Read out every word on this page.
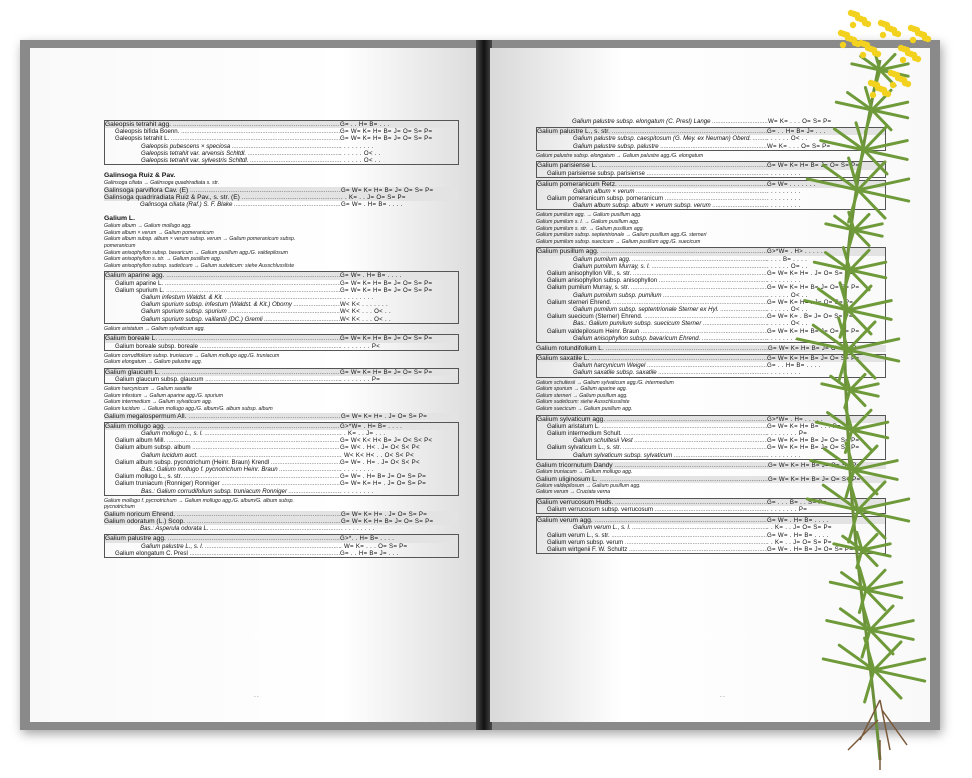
Galeopsis tetrahit agg. .....	G= . . H= B= . . .
Galeopsis bifida Boenn. .....	G= W= K= H= B= J= O= S= P=
Galeopsis tetrahit L. .....	G= W= K= H= B= J= O= S= P=
Galeopsis pubescens × speciosa .....	. . . . . . . . .
Galeopsis tetrahit var. arvensis Schltdl. .....	. . . . . . O< . .
Galeopsis tetrahit var. sylvestris Schltdl. .....	. . . . . . O< . .
Galinsoga Ruiz & Pav.
Galinsoga ciliata → Galinsoga quadriradiata s. str.
Galinsoga parviflora Cav. (E) .....	G= W= K= H= B= J= O= S= P=
Galinsoga quadriradiata Ruiz & Pav., s. str. (E) .....	. . K= . . J= O= S= P=
Galinsoga ciliata (Raf.) S. F. Blake .....	G= W= . H= B= . . . .
Galium L.
Galium album → Galium mollugo agg.
Galium album × verum → Galium pomeranicum
Galium album subsp. album × verum subsp. verum → Galium pomeranicum subsp.
pomeranicum
Galium anisophyllon subsp. bavaricum → Galium pusillum agg./G. valdepilosum
Galium anisophyllon s. str. → Galium pusillum agg.
Galium anisophyllon subsp. sudeticum → Galium sudeticum: siehe Ausschlussliste
Galium aparine agg. .....	G= W= . H= B= . . . .
Galium aparine L. .....	G= W= K= H= B= J= O= S= P=
Galium spurium L. .....	G= W= K= H= B= J= O= S= P=
Galium infestum Waldst. & Kit. .....	. . . . . . . . .
Galium spurium subsp. infestum (Waldst. & Kit.) Oborny .....	W< K< . . . . . . .
Galium spurium subsp. spurium .....	W< K< . . . O< . .
Galium spurium subsp. vaillantii (DC.) Gremli .....	W< K< . . . O< . .
Galium aristatum → Galium sylvaticum agg.
Galium boreale L. .....	G= W= K= H= B= J= O= S= P=
Galium boreale subsp. boreale .....	. . . . . . . . P<
Galium corrudifolium subsp. truniacum → Galium mollugo agg./G. truniacum
Galium elongatum → Galium palustre agg.
Galium glaucum L. .....	G= W= K= H= B= J= O= S= P=
Galium glaucum subsp. glaucum .....	. . . . . . . . P=
Galium harcynicum → Galium saxatile
Galium infestum → Galium aparine agg./G. spurium
Galium intermedium → Galium sylvaticum agg.
Galium lucidum → Galium mollugo agg./G. album/G. album subsp. album
Galium megalospermum All. .....	G= W= K= H= . J= O= S= P=
Galium mollugo agg. .....	G>*W= . H= B= . . . .
Galium mollugo L., s. l. .....	. . K= . . J= . . .
Galium album Mill. .....	G= W< K< H< B= J= O< S< P<
Galium album subsp. album .....	G= W< . H< . J= O< S< P<
Galium lucidum auct. .....	. W< K< H< . . O< S< P<
Galium album subsp. pycnotrichum (Heinr. Braun) Krendl .....	G= W= . H= . J= O< S< P<
Bas.: Galium mollugo f. pycnotrichum Heinr. Braun .....	. . . . . . . . .
Galium mollugo L., s. str. .....	G= W= . H= B= J= O= S= P=
Galium truniacum (Ronniger) Ronniger .....	G= W= K= H= . J= O= S= P=
Bas.: Galium corrudifolium subsp. truniacum Ronniger .....	. . . . . . . . .
Galium mollugo f. pycnotrichum → Galium mollugo agg./G. album/G. album subsp.
pycnotrichum
Galium noricum Ehrend. .....	G= W= K= H= . J= O= S= P=
Galium odoratum (L.) Scop. .....	G= W= K= H= B= J= O= S= P=
Bas.: Asperula odorata L. .....	. . . . . . . . .
Galium palustre agg. .....	G>*. . H= B= . . . .
Galium palustre L., s. l. .....	. W= K= . . . O= S= P=
Galium elongatum C. Presl .....	G= . . H= B= J= . . .
- -
Galium palustre subsp. elongatum (C. Presl) Lange .....	W= K= . . . O= S= P=
Galium palustre L., s. str. .....	G= . . H= B= J= . . .
Galium palustre subsp. caespitosum (G. Mey. ex Neuman) Oberd. .....	. . . . . . O< . .
Galium palustre subsp. palustre .....	W= K= . . . O= S= P=
Galium palustre subsp. elongatum → Galium palustre agg./G. elongatum
Galium parisiense L. .....	G= W= K= H= B= J= O= S= P=
Galium parisiense subsp. parisiense .....	. . . . . . . . .
Galium pomeranicum Retz. .....	G= W= . . . . . . .
Galium album × verum .....	. . . . . . . . .
Galium pomeranicum subsp. pomeranicum .....	. . . . . . . . .
Galium album subsp. album × verum subsp. verum .....	. . . . . . . . .
Galium pumilum agg. → Galium pusillum agg.
Galium pumilum s. l. → Galium pusillum agg.
Galium pumilum s. str. → Galium pusillum agg.
Galium pumilum subsp. septentrionale → Galium pusillum agg./G. sterneri
Galium pumilum subsp. suecicum → Galium pusillum agg./G. suecicum
Galium pusillum agg. .....	G>*W= . H> . . . . .
Galium pumilum agg. .....	. . . . B= . . . .
Galium pumilum Murray, s. l. .....	. . . . . . O= . .
Galium anisophyllon Vill., s. str. .....	G= W= K= H= . J= O= S= P=
Galium anisophyllon subsp. anisophyllon .....	. . . . . . . . .
Galium pumilum Murray, s. str. .....	G= W= K= H= B= J= O= S= P=
Galium pumilum subsp. pumilum .....	. . . . . . O< . .
Galium sterneri Ehrend. .....	G= W= K= H= . J= O= S= P=
Galium pumilum subsp. septentrionale Sterner ex Hyl. .....	. . . . . . O< . .
Galium suecicum (Sterner) Ehrend. .....	G= W= K= . B= J= O= S= P=
Bas.: Galium pumilum subsp. suecicum Sterner .....	. . . . . . O< . .
Galium valdepilosum Heinr. Braun .....	G= W= K= H= B= J= O= S= P=
Galium anisophyllon subsp. bavaricum Ehrend. .....	. . . . . . . . .
Galium rotundifolium L. .....	G= W= K= H= B= J= O= S= P=
Galium saxatile L. .....	G= W= K= H= B= J= O= S= P=
Galium harcynicum Weigel .....	G= . . H= B= . . . .
Galium saxatile subsp. saxatile .....	. . . . . . . . .
Galium schultesii → Galium sylvaticum agg./G. intermedium
Galium spurium → Galium aparine agg.
Galium sterneri → Galium pusillum agg.
Galium sudeticum: siehe Ausschlussliste
Galium suecicum → Galium pusillum agg.
Galium sylvaticum agg. .....	G>*W= . H= . . . . .
Galium aristatum L. .....	G= W= K= H= B= . . . P=
Galium intermedium Schult. .....	. . . . . . . . P=
Galium schultesii Vest .....	G= W= K= H= B= J= O= S= P=
Galium sylvaticum L., s. str. .....	G= W= K= H= B= J= O= S= P=
Galium sylvaticum subsp. sylvaticum .....	. . . . . . . . .
Galium tricornutum Dandy .....	G= W= K= H= B= J= O= S= P=
Galium truniacum → Galium mollugo agg.
Galium uliginosum L. .....	G= W= K= H= B= J= O= S= P=
Galium valdepilosum → Galium pusillum agg.
Galium verum → Cruciata verna
Galium verrucosum Huds. .....	G= . . . B= . . S= P=
Galium verrucosum subsp. verrucosum .....	. . . . . . . . P=
Galium verum agg. .....	G= W= . H= B= . . . .
Galium verum L., s. l. .....	. . K= . . J= O= S= P=
Galium verum L., s. str. .....	G= W= . H= B= . . . .
Galium verum subsp. verum .....	. . K= . . J= O= S= P=
Galium wirtgenii F. W. Schultz .....	G= W= . H= B= J= O= S= P=
- -
